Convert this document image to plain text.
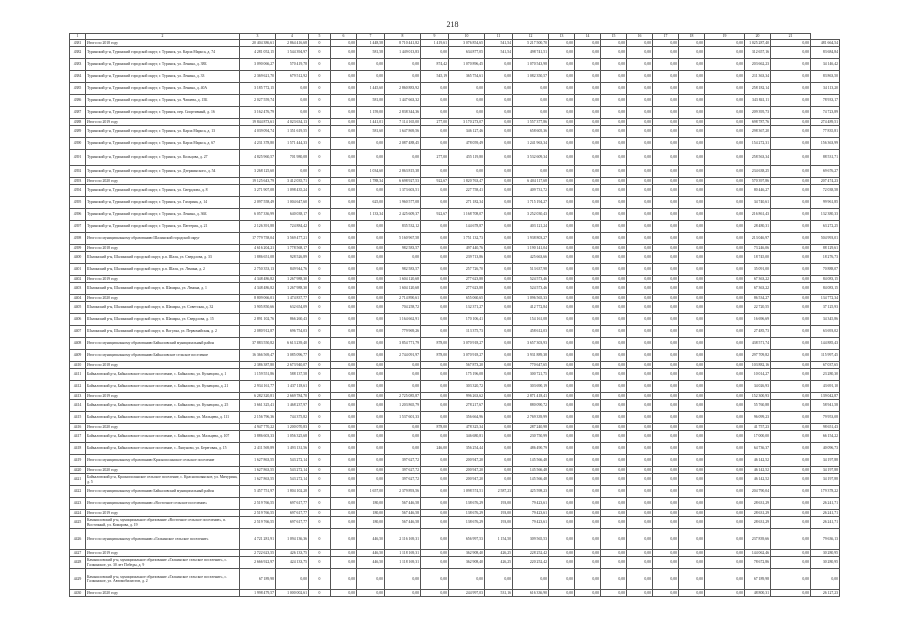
218
1	2	3	4	5	6	7	8	9	10	11	12	13	14	15	16	17	18	19	20	21	
4381	Итого по 2018 году	20 404 386,61	2 864 416,68	0	0,00	1 448,58	8 710 441,82	1 419,61	3 076 854,65	541,54	5 217 500,70	0,00	0,00	0,00	0,00	0,00	0,00	0,00	1 025 287,40	0,00	481 664,54
4382	Туринский р-н, Туринский городской округ, г. Туринск, ул. Карла Маркса, д. 74	4 281 052,15	1 544 394,97	0	0,00	581,58	1 449 013,83	0,00	634 877,05	541,54	498 741,51	0,00	0,00	0,00	0,00	0,00	0,00	0,00	312 657,16	0,00	83 684,84
4383	Туринский р-н, Туринский городской округ, г. Туринск, ул. Ленина, д. 38Б	3 090 066,27	570 419,78	0	0,00	0,00	0,00	874,42	1 070 896,45	0,00	1 070 543,98	0,00	0,00	0,00	0,00	0,00	0,00	0,00	203 662,23	0,00	34 146,42
4384	Туринский р-н, Туринский городской округ, г. Туринск, ул. Ленина, д. 33	2 369 621,70	679 512,92	0	0,00	0,00	0,00	545,19	365 754,61	0,00	1 082 350,57	0,00	0,00	0,00	0,00	0,00	0,00	0,00	211 363,34	0,00	83 863,50
4385	Туринский р-н, Туринский городской округ, г. Туринск, ул. Ленина, д. 40А	3 185 772,15	0,00	0	0,00	1 445,60	2 860 883,92	0,00	0,00	0,00	0,00	0,00	0,00	0,00	0,00	0,00	0,00	0,00	258 182,14	0,00	34 113,20
4386	Туринский р-н, Туринский городской округ, г. Туринск, ул. Чапаева, д. 15Б	2 027 559,74	0,00	0	0,00	581,00	1 447 663,32	0,00	0,00	0,00	0,00	0,00	0,00	0,00	0,00	0,00	0,00	0,00	343 841,11	0,00	78 933,17
4387	Туринский р-н, Туринский городской округ, г. Туринск, пер. Спортивный, д. 16	3 162 476,79	0,00	0	0,00	1 159,00	2 838 344,36	0,00	0,00	0,00	0,00	0,00	0,00	0,00	0,00	0,00	0,00	0,00	209 395,73	0,00	74 723,89
4388	Итого по 2019 году	19 844 873,61	4 023 634,13	0	0,00	1 441,01	7 114 165,00	277,00	3 170 273,07	0,00	1 557 377,86	0,00	0,00	0,00	0,00	0,00	0,00	0,00	698 787,76	0,00	274 489,51
4389	Туринский р-н, Туринский городской округ, г. Туринск, ул. Карла Маркса, д. 13	4 039 094,74	1 351 619,55	0	0,00	581,60	1 647 869,56	0,00	346 127,46	0,00	658 605,36	0,00	0,00	0,00	0,00	0,00	0,00	0,00	298 367,20	0,00	77 835,81
4390	Туринский р-н, Туринский городской округ, г. Туринск, ул. Карла Маркса, д. 67	4 231 378,80	1 571 444,33	0	0,00	0,00	2 087 488,45	0,00	478 059,49	0,00	1 241 963,34	0,00	0,00	0,00	0,00	0,00	0,00	0,00	154 272,31	0,00	156 363,99
4391	Туринский р-н, Туринский городской округ, г. Туринск, ул. Кольцова, д. 27	4 825 960,57	701 980,08	0	0,00	0,00	0,00	277,00	455 119,80	0,00	3 532 609,34	0,00	0,00	0,00	0,00	0,00	0,00	0,00	258 563,34	0,00	88 531,71
4392	Туринский р-н, Туринский городской округ, г. Туринск, ул. Дзержинского, д. 54	3 268 125,60	0,00	0	0,00	1 034,60	2 863 815,38	0,00	0,00	0,00	0,00	0,00	0,00	0,00	0,00	0,00	0,00	0,00	234 638,25	0,00	69 676,27
4393	Итого по 2020 году	19 125 643,79	3 412 035,71	0	0,00	1 788,34	6 698 927,53	922,67	1 820 763,47	0,00	6 404 117,68	0,00	0,00	0,00	0,00	0,00	0,00	0,00	570 397,86	0,00	207 474,23
4394	Туринский р-н, Туринский городской округ, г. Туринск, ул. Свердлова, д. 8	3 271 907,08	1 098 435,24	0	0,00	0,00	1 373 603,51	0,00	227 758,41	0,00	409 731,72	0,00	0,00	0,00	0,00	0,00	0,00	0,00	80 446,27	0,00	72 038,58
4395	Туринский р-н, Туринский городской округ, г. Туринск, ул. Гагарина, д. 14	2 097 558,49	1 004 647,60	0	0,00	625,00	1 960 577,08	0,00	271 182,34	0,00	1 715 194,27	0,00	0,00	0,00	0,00	0,00	0,00	0,00	34 740,61	0,00	99 961,85
4396	Туринский р-н, Туринский городской округ, г. Туринск, ул. Ленина, д. 36Б	6 057 336,99	640 038,17	0	0,00	1 133,34	2 425 609,37	922,67	1 168 708,07	0,00	3 252 030,43	0,00	0,00	0,00	0,00	0,00	0,00	0,00	216 861,43	0,00	132 380,33
4397	Туринский р-н, Туринский городской округ, г. Туринск, ул. Паттерия, д. 21	2 126 391,88	724 884,42	0	0,00	0,00	835 532,12	0,00	144 678,87	0,00	403 121,24	0,00	0,00	0,00	0,00	0,00	0,00	0,00	28 480,31	0,00	63 272,25
4398	Итого по муниципальному образованию Шалинский городской округ	17 779 758,04	3 569 477,21	0	0,00	0,00	5 160 967,58	0,00	1 751 132,73	0,00	1 938 803,27	0,00	0,00	0,00	0,00	0,00	0,00	0,00	213 046,97	0,00	504 993,01
4399	Итого по 2018 году	4 616 204,21	1 778 568,17	0	0,00	0,00	982 583,57	0,00	497 440,76	0,00	1 190 141,04	0,00	0,00	0,00	0,00	0,00	0,00	0,00	73 246,06	0,00	88 129,61
4400	Шалинский р-н, Шалинский городской округ, р.п. Шаля, ул. Свердлова, д. 33	1 886 651,08	928 526,89	0	0,00	0,00	0,00	0,00	239 713,86	0,00	425 663,66	0,00	0,00	0,00	0,00	0,00	0,00	0,00	18 745,00	0,00	18 276,73
4401	Шалинский р-н, Шалинский городской округ, р.п. Шаля, ул. Ленина, д. 2	2 750 353,13	849 944,76	0	0,00	0,00	982 583,57	0,00	257 726,70	0,00	513 637,98	0,00	0,00	0,00	0,00	0,00	0,00	0,00	35 091,00	0,00	70 888,07
4402	Итого по 2019 году	4 348 486,82	1 267 988,30	0	0,00	0,00	1 604 120,68	0,00	277 623,88	0,00	524 573,46	0,00	0,00	0,00	0,00	0,00	0,00	0,00	67 363,22	0,00	84 083,15
4403	Шалинский р-н, Шалинский городской округ, п. Шамары, ул. Ленина, д. 1	4 348 486,82	1 267 988,30	0	0,00	0,00	1 604 120,68	0,00	277 623,88	0,00	524 573,46	0,00	0,00	0,00	0,00	0,00	0,00	0,00	67 363,22	0,00	84 083,15
4404	Итого по 2020 году	8 809 066,01	1 474 837,77	0	0,00	0,00	2 714 890,61	0,00	655 060,65	0,00	1 096 565,33	0,00	0,00	0,00	0,00	0,00	0,00	0,00	86 534,27	0,00	134 772,34
4405	Шалинский р-н, Шалинский городской округ, п. Шамары, ул. Советская, д. 32	3 905 850,66	632 654,09	0	0,00	0,00	704 258,72	0,00	132 371,27	0,00	412 772,84	0,00	0,00	0,00	0,00	0,00	0,00	0,00	22 720,55	0,00	37 125,93
4406	Шалинский р-н, Шалинский городской округ, п. Шамары, ул. Свердлова, д. 15	2 891 102,76	866 260,43	0	0,00	0,00	1 164 662,91	0,00	170 106,41	0,00	154 161,08	0,00	0,00	0,00	0,00	0,00	0,00	0,00	16 696,69	0,00	34 345,86
4407	Шалинский р-н, Шалинский городской округ, п. Вогулка, ул. Первомайская, д. 2	2 080 912,87	696 754,03	0	0,00	0,00	779 969,26	0,00	113 375,73	0,00	458 612,03	0,00	0,00	0,00	0,00	0,00	0,00	0,00	27 485,73	0,00	63 693,02
4408	Итого по муниципальному образованию Байкаловский муниципальный район	37 883 550,82	6 613 239,40	0	0,00	0,00	3 854 771,79	878,00	3 070 918,27	0,00	3 657 303,93	0,00	0,00	0,00	0,00	0,00	0,00	0,00	438 571,74	0,00	144 885,43
4409	Итого по муниципальному образованию Байкаловское сельское поселение	16 366 569,47	3 085 096,77	0	0,00	0,00	2 744 091,97	878,00	3 070 918,27	0,00	3 931 889,38	0,00	0,00	0,00	0,00	0,00	0,00	0,00	297 709,82	0,00	115 997,45
4410	Итого по 2018 году	2 386 387,80	2 673 940,07	0	0,00	0,00	0,00	0,00	567 873,20	0,00	770 647,65	0,00	0,00	0,00	0,00	0,00	0,00	0,00	103 882,16	0,00	67 037,65
4411	Байкаловский р-н, Байкаловское сельское поселение, с. Байкалово, ул. Кузнецова, д. 1	1 159 551,86	588 137,58	0	0,00	0,00	0,00	0,00	175 196,08	0,00	300 721,75	0,00	0,00	0,00	0,00	0,00	0,00	0,00	10 014,27	0,00	23 280,30
4412	Байкаловский р-н, Байкаловское сельское поселение, с. Байкалово, ул. Кузнецова, д. 21	2 934 161,77	1 437 118,61	0	0,00	0,00	0,00	0,00	303 320,72	0,00	303 690,19	0,00	0,00	0,00	0,00	0,00	0,00	0,00	34 026,93	0,00	43 691,10
4413	Итого по 2019 году	6 282 320,81	2 669 784,70	0	0,00	0,00	2 725 085,87	0,00	996 263,62	0,00	2 871 418,41	0,00	0,00	0,00	0,00	0,00	0,00	0,00	152 300,93	0,00	139 042,87
4414	Байкаловский р-н, Байкаловское сельское поселение, с. Байкалово, ул. Кузнецова, д. 25	3 661 325,41	1 468 237,97	0	0,00	0,00	1 203 865,79	0,00	278 217,67	0,00	880 090,72	0,00	0,00	0,00	0,00	0,00	0,00	0,00	55 760,88	0,00	58 941,58
4415	Байкаловский р-н, Байкаловское сельское поселение, с. Байкалово, ул. Мальцева, д. 111	2 156 796,36	744 375,82	0	0,00	0,00	1 537 601,33	0,00	356 664,96	0,00	2 769 339,99	0,00	0,00	0,00	0,00	0,00	0,00	0,00	96 099,23	0,00	79 953,08
4416	Итого по 2020 году	4 947 770,22	1 200 070,83	0	0,00	0,00	0,00	878,00	478 325,34	0,00	287 240,98	0,00	0,00	0,00	0,00	0,00	0,00	0,00	41 757,23	0,00	98 651,43
4417	Байкаловский р-н, Байкаловское сельское поселение, с. Байкалово, ул. Мальцева, д. 107	3 886 603,33	1 056 325,68	0	0,00	0,00	0,00	0,00	346 680,81	0,00	230 750,99	0,00	0,00	0,00	0,00	0,00	0,00	0,00	17 000,00	0,00	66 154,22
4418	Байкаловский р-н, Байкаловское сельское поселение, с. Ляпуново, ул. Береговая, д. 15	2 411 569,89	1 493 131,56	0	0,00	0,00	0,00	246,00	356 254,44	0,00	486 490,79	0,00	0,00	0,00	0,00	0,00	0,00	0,00	64 736,37	0,00	40 096,73
4419	Итого по муниципальному образованию Краснополянское сельское поселение	1 627 863,55	543 272,14	0	0,00	0,00	397 627,72	0,00	200 947,20	0,00	145 566,48	0,00	0,00	0,00	0,00	0,00	0,00	0,00	46 142,52	0,00	34 197,88
4420	Итого по 2020 году	1 627 863,55	543 272,14	0	0,00	0,00	397 627,72	0,00	200 947,20	0,00	145 566,48	0,00	0,00	0,00	0,00	0,00	0,00	0,00	46 142,52	0,00	34 197,88
4421	Байкаловский р-н, Краснополянское сельское поселение, с. Краснополянское, ул. Мичурина, д. 5	1 627 863,55	543 272,14	0	0,00	0,00	397 627,72	0,00	200 947,20	0,00	145 566,48	0,00	0,00	0,00	0,00	0,00	0,00	0,00	46 142,52	0,00	34 197,88
4422	Итого по муниципальному образованию Байкаловский муниципальный район	5 457 751,97	1 804 102,28	0	0,00	1 657,00	2 379 893,56	0,00	1 098 574,51	2 587,23	425 598,23	0,00	0,00	0,00	0,00	0,00	0,00	0,00	204 790,04	0,00	179 378,22
4423	Итого по муниципальному образованию «Восточное сельское поселение»	2 519 766,55	697 617,77	0	0,00	180,00	567 446,58	0,00	138 676,29	193,00	79 423,61	0,00	0,00	0,00	0,00	0,00	0,00	0,00	28 631,29	0,00	26 241,71
4424	Итого по 2019 году	2 519 766,55	697 617,77	0	0,00	180,00	567 446,58	0,00	138 676,29	193,00	79 423,61	0,00	0,00	0,00	0,00	0,00	0,00	0,00	28 631,29	0,00	26 241,71
4425	Камышловский р-н, муниципальное образование «Восточное сельское поселение», п. Восточный, ул. Комарова, д. 19	2 519 766,55	697 617,77	0	0,00	180,00	567 446,58	0,00	138 676,29	193,00	79 423,61	0,00	0,00	0,00	0,00	0,00	0,00	0,00	28 631,29	0,00	26 241,71
4426	Итого по муниципальному образованию «Галкинское сельское поселение»	4 721 281,91	1 094 136,36	0	0,00	446,50	2 116 169,31	0,00	656 997,53	1 154,50	309 565,53	0,00	0,00	0,00	0,00	0,00	0,00	0,00	237 839,66	0,00	79 636,13
4427	Итого по 2019 году	2 722 623,55	426 133,75	0	0,00	446,50	1 118 169,31	0,00	362 908,40	426,25	228 252,42	0,00	0,00	0,00	0,00	0,00	0,00	0,00	144 062,46	0,00	30 280,95
4428	Камышловский р-н, муниципальное образование «Галкинское сельское поселение», с. Галкинское, ул. 30 лет Победы, д. 9	2 666 922,97	424 133,75	0	0,00	446,50	1 118 169,31	0,00	362 908,40	426,25	220 252,42	0,00	0,00	0,00	0,00	0,00	0,00	0,00	78 672,86	0,00	30 280,95
4429	Камышловский р-н, муниципальное образование «Галкинское сельское поселение», с. Галкинское, ул. Автомобилистов, д. 2	67 189,98	0,00	0	0,00	0,00	0,00	0,00	0,00	0,00	0,00	0,00	0,00	0,00	0,00	0,00	0,00	0,00	67 189,98	0,00	0,00
4430	Итого по 2020 году	1 998 479,57	1 000 002,61	0	0,00	0,00	0,00	0,00	244 997,03	531,16	616 336,90	0,00	0,00	0,00	0,00	0,00	0,00	0,00	48 800,31	0,00	26 127,23
